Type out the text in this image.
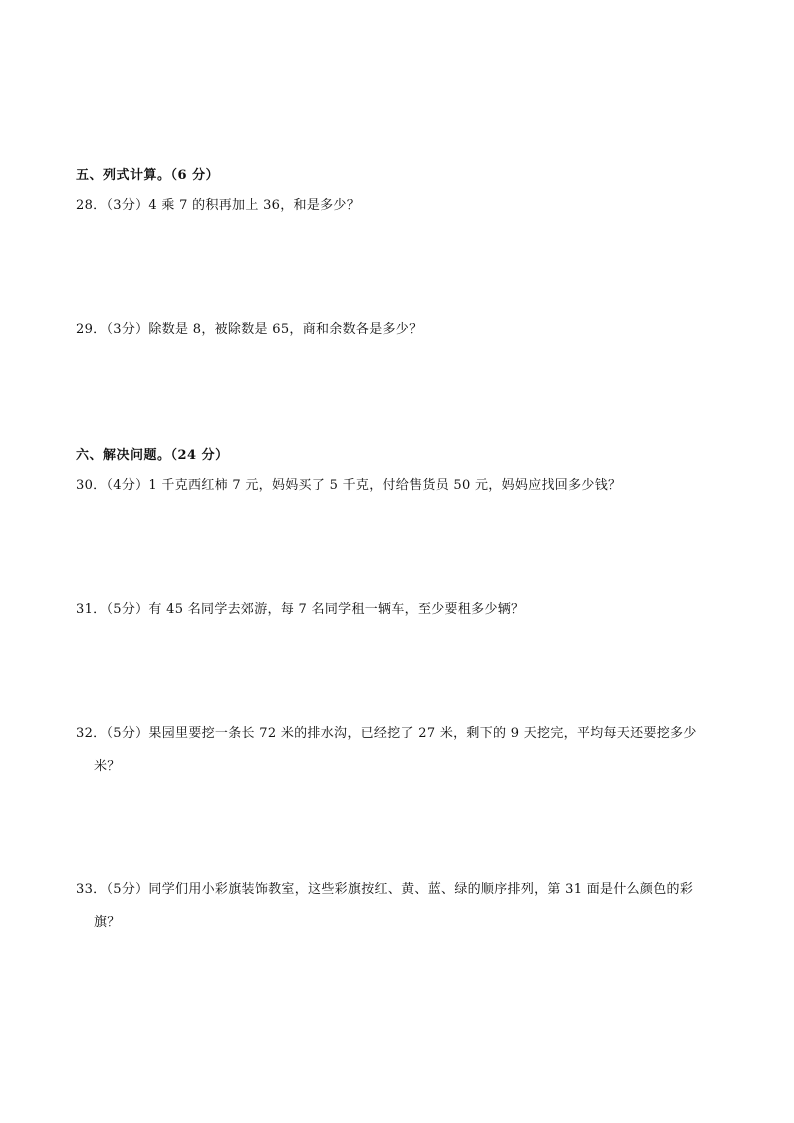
五、列式计算。（6 分）
28．（3分）4 乘 7 的积再加上 36，和是多少？
29．（3分）除数是 8，被除数是 65，商和余数各是多少？
六、解决问题。（24 分）
30．（4分）1 千克西红柿 7 元，妈妈买了 5 千克，付给售货员 50 元，妈妈应找回多少钱？
31．（5分）有 45 名同学去郊游，每 7 名同学租一辆车，至少要租多少辆？
32．（5分）果园里要挖一条长 72 米的排水沟，已经挖了 27 米，剩下的 9 天挖完，平均每天还要挖多少
米？
33．（5分）同学们用小彩旗装饰教室，这些彩旗按红、黄、蓝、绿的顺序排列，第 31 面是什么颜色的彩
旗？
